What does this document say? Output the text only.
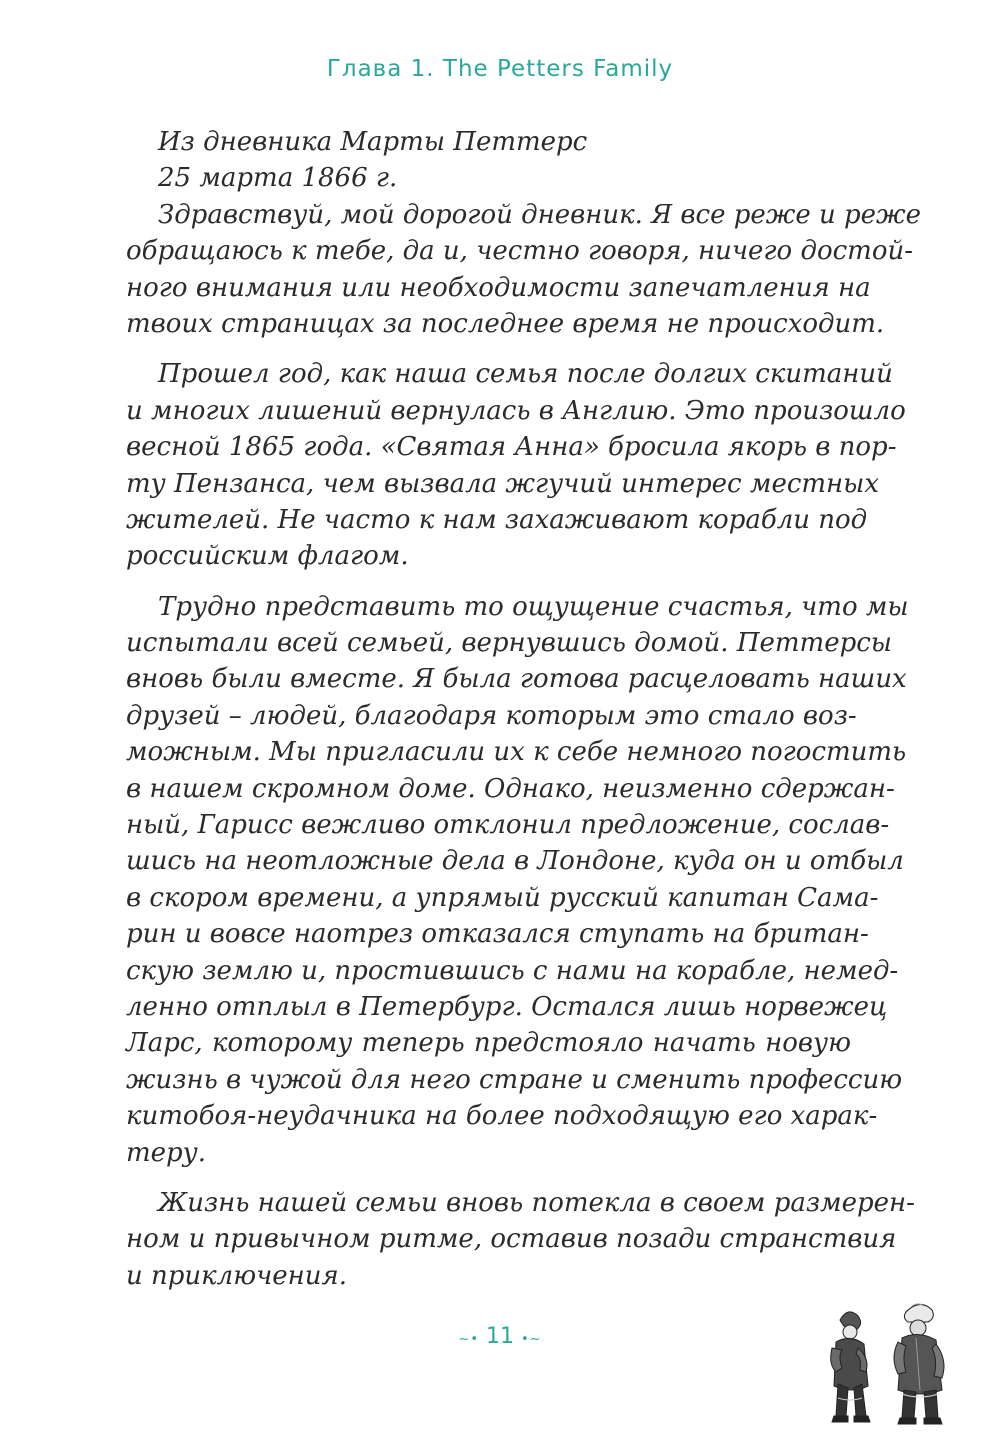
Глава 1. The Petters Family
Из дневника Марты Петтерс
25 марта 1866 г.
Здравствуй, мой дорогой дневник. Я все реже и реже
обращаюсь к тебе, да и, честно говоря, ничего достой-
ного внимания или необходимости запечатления на
твоих страницах за последнее время не происходит.
Прошел год, как наша семья после долгих скитаний
и многих лишений вернулась в Англию. Это произошло
весной 1865 года. «Святая Анна» бросила якорь в пор-
ту Пензанса, чем вызвала жгучий интерес местных
жителей. Не часто к нам захаживают корабли под
российским флагом.
Трудно представить то ощущение счастья, что мы
испытали всей семьей, вернувшись домой. Петтерсы
вновь были вместе. Я была готова расцеловать наших
друзей – людей, благодаря которым это стало воз-
можным. Мы пригласили их к себе немного погостить
в нашем скромном доме. Однако, неизменно сдержан-
ный, Гарисс вежливо отклонил предложение, сослав-
шись на неотложные дела в Лондоне, куда он и отбыл
в скором времени, а упрямый русский капитан Сама-
рин и вовсе наотрез отказался ступать на британ-
скую землю и, простившись с нами на корабле, немед-
ленно отплыл в Петербург. Остался лишь норвежец
Ларс, которому теперь предстояло начать новую
жизнь в чужой для него стране и сменить профессию
китобоя-неудачника на более подходящую его харак-
теру.
Жизнь нашей семьи вновь потекла в своем размерен-
ном и привычном ритме, оставив позади странствия
и приключения.
~• 11 •~
